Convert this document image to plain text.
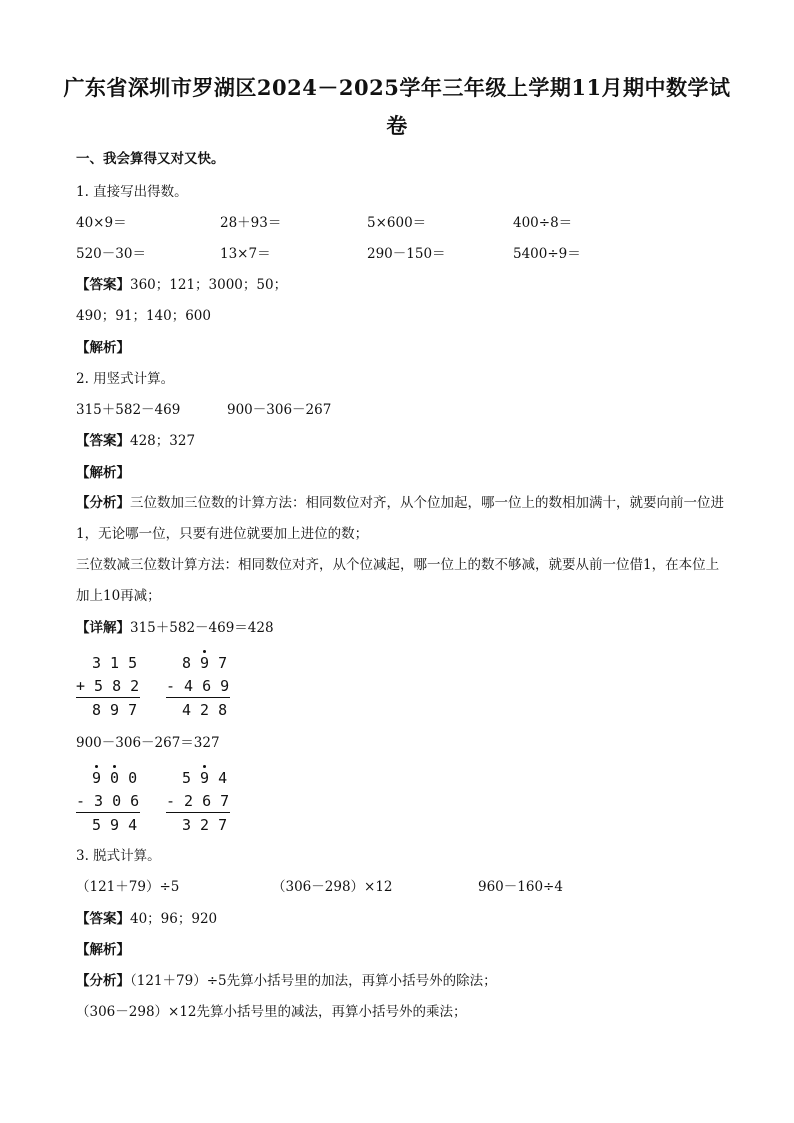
广东省深圳市罗湖区2024－2025学年三年级上学期11月期中数学试
卷
一、我会算得又对又快。
1. 直接写出得数。
40×9＝	28＋93＝	5×600＝	400÷8＝
520－30＝	13×7＝	290－150＝	5400÷9＝
【答案】360；121；3000；50；
490；91；140；600
【解析】
2. 用竖式计算。
315＋582－469	900－306－267
【答案】428；327
【解析】
【分析】三位数加三位数的计算方法：相同数位对齐，从个位加起，哪一位上的数相加满十，就要向前一位进1，无论哪一位，只要有进位就要加上进位的数；
三位数减三位数计算方法：相同数位对齐，从个位减起，哪一位上的数不够减，就要从前一位借1，在本位上加上10再减；
【详解】315＋582－469＝428
3 1 5
+ 5 8 2
8 9 7
8 9 7
- 4 6 9
4 2 8
900－306－267＝327
9 0 0
- 3 0 6
5 9 4
5 9 4
- 2 6 7
3 2 7
3. 脱式计算。
（121＋79）÷5	（306－298）×12	960－160÷4
【答案】40；96；920
【解析】
【分析】（121＋79）÷5先算小括号里的加法，再算小括号外的除法；
（306－298）×12先算小括号里的减法，再算小括号外的乘法；
